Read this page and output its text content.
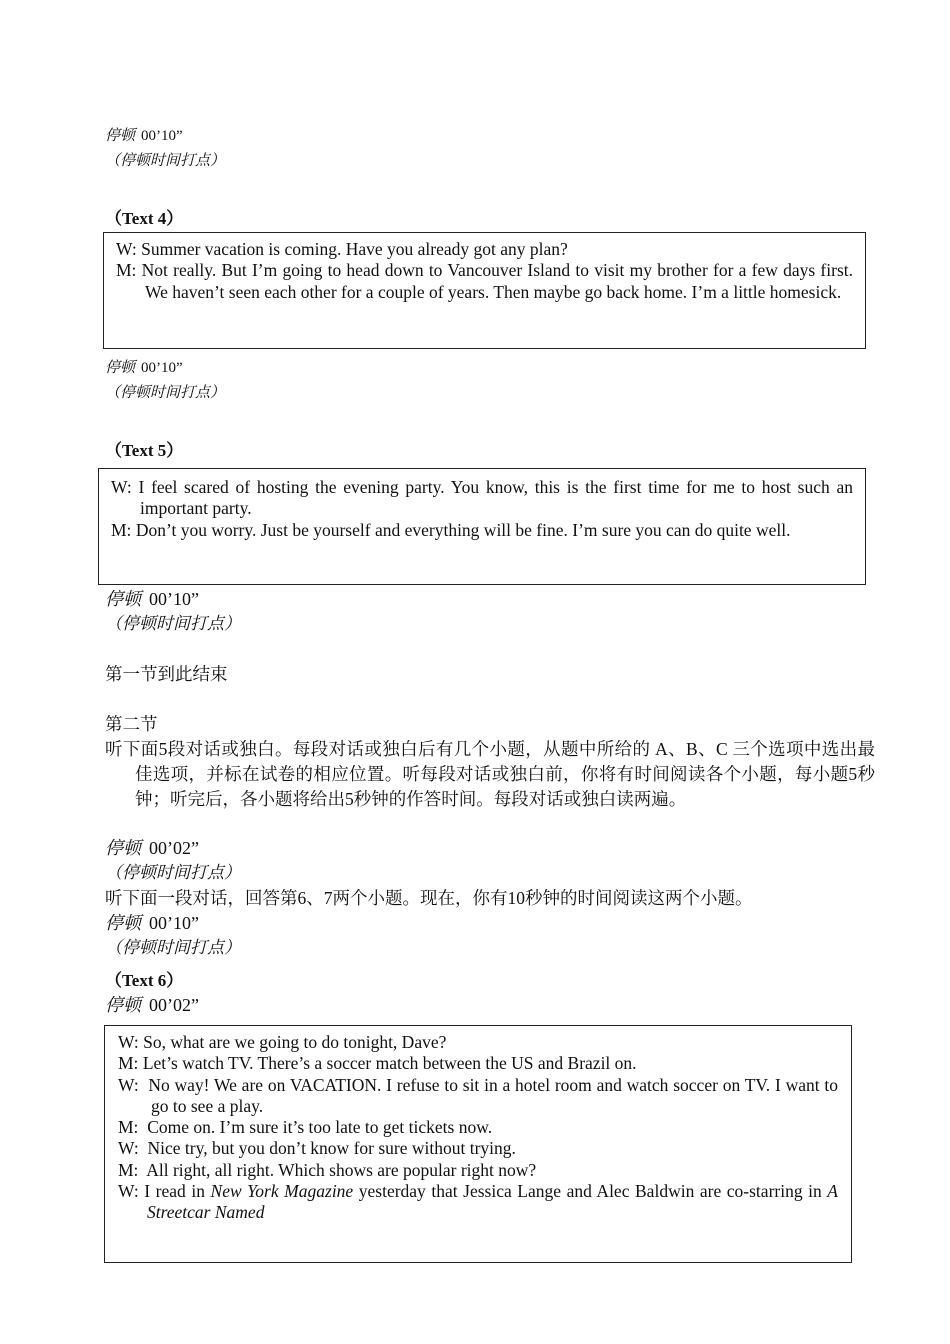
停顿 00’10”
（停顿时间打点）
（Text 4）
W: Summer vacation is coming. Have you already got any plan?
M: Not really. But I’m going to head down to Vancouver Island to visit my brother for a few days first. We haven’t seen each other for a couple of years. Then maybe go back home. I’m a little homesick.
停顿 00’10”
（停顿时间打点）
（Text 5）
W: I feel scared of hosting the evening party. You know, this is the first time for me to host such an important party.
M: Don’t you worry. Just be yourself and everything will be fine. I’m sure you can do quite well.
停顿 00’10”
（停顿时间打点）
第一节到此结束
第二节
听下面5段对话或独白。每段对话或独白后有几个小题，从题中所给的 A、B、C 三个选项中选出最佳选项，并标在试卷的相应位置。听每段对话或独白前，你将有时间阅读各个小题，每小题5秒钟；听完后，各小题将给出5秒钟的作答时间。每段对话或独白读两遍。
停顿 00’02”
（停顿时间打点）
听下面一段对话，回答第6、7两个小题。现在，你有10秒钟的时间阅读这两个小题。
停顿 00’10”
（停顿时间打点）
（Text 6）
停顿 00’02”
W: So, what are we going to do tonight, Dave?
M: Let’s watch TV. There’s a soccer match between the US and Brazil on.
W: No way! We are on VACATION. I refuse to sit in a hotel room and watch soccer on TV. I want to go to see a play.
M: Come on. I’m sure it’s too late to get tickets now.
W: Nice try, but you don’t know for sure without trying.
M: All right, all right. Which shows are popular right now?
W: I read in New York Magazine yesterday that Jessica Lange and Alec Baldwin are co-starring in A Streetcar Named
